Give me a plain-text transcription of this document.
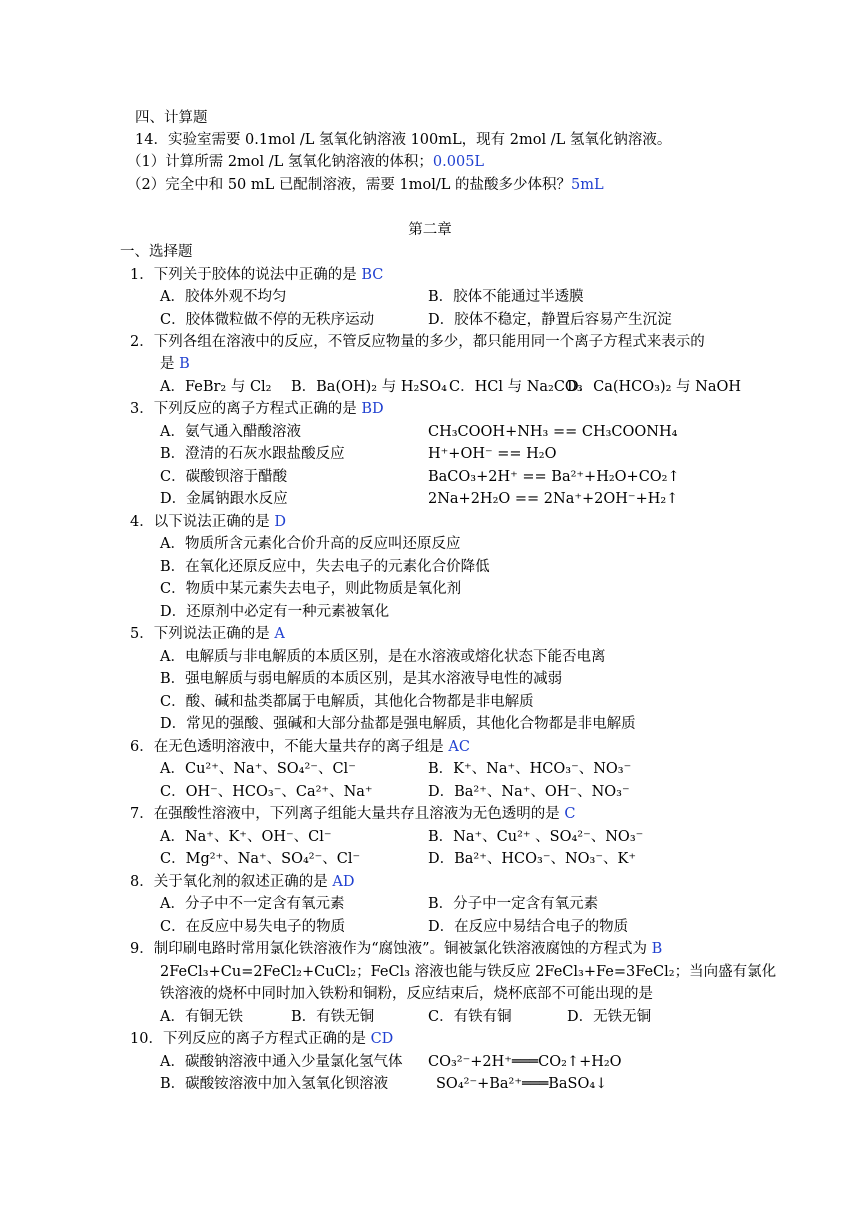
四、计算题
14．实验室需要 0.1mol /L 氢氧化钠溶液 100mL，现有 2mol /L 氢氧化钠溶液。
（1）计算所需 2mol /L 氢氧化钠溶液的体积；0.005L
（2）完全中和 50 mL 已配制溶液，需要 1mol/L 的盐酸多少体积？5mL
第二章
一、选择题
1．下列关于胶体的说法中正确的是 BC
A．胶体外观不均匀	B．胶体不能通过半透膜
C．胶体微粒做不停的无秩序运动	D．胶体不稳定，静置后容易产生沉淀
2．下列各组在溶液中的反应，不管反应物量的多少，都只能用同一个离子方程式来表示的
是 B
A．FeBr₂ 与 Cl₂ B．Ba(OH)₂ 与 H₂SO₄ C．HCl 与 Na₂CO₃
D．Ca(HCO₃)₂ 与 NaOH
3．下列反应的离子方程式正确的是 BD
A．氨气通入醋酸溶液	CH₃COOH+NH₃ == CH₃COONH₄
B．澄清的石灰水跟盐酸反应	H⁺+OH⁻ == H₂O
C．碳酸钡溶于醋酸	BaCO₃+2H⁺ == Ba²⁺+H₂O+CO₂↑
D．金属钠跟水反应	2Na+2H₂O == 2Na⁺+2OH⁻+H₂↑
4．以下说法正确的是 D
A．物质所含元素化合价升高的反应叫还原反应
B．在氧化还原反应中，失去电子的元素化合价降低
C．物质中某元素失去电子，则此物质是氧化剂
D．还原剂中必定有一种元素被氧化
5．下列说法正确的是 A
A．电解质与非电解质的本质区别，是在水溶液或熔化状态下能否电离
B．强电解质与弱电解质的本质区别，是其水溶液导电性的减弱
C．酸、碱和盐类都属于电解质，其他化合物都是非电解质
D．常见的强酸、强碱和大部分盐都是强电解质，其他化合物都是非电解质
6．在无色透明溶液中，不能大量共存的离子组是 AC
A．Cu²⁺、Na⁺、SO₄²⁻、Cl⁻	B．K⁺、Na⁺、HCO₃⁻、NO₃⁻
C．OH⁻、HCO₃⁻、Ca²⁺、Na⁺	D．Ba²⁺、Na⁺、OH⁻、NO₃⁻
7．在强酸性溶液中，下列离子组能大量共存且溶液为无色透明的是 C
A．Na⁺、K⁺、OH⁻、Cl⁻	B．Na⁺、Cu²⁺ 、SO₄²⁻、NO₃⁻
C．Mg²⁺、Na⁺、SO₄²⁻、Cl⁻	D．Ba²⁺、HCO₃⁻、NO₃⁻、K⁺
8．关于氧化剂的叙述正确的是 AD
A．分子中不一定含有氧元素	B．分子中一定含有氧元素
C．在反应中易失电子的物质	D．在反应中易结合电子的物质
9．制印刷电路时常用氯化铁溶液作为“腐蚀液”。铜被氯化铁溶液腐蚀的方程式为 B
2FeCl₃+Cu=2FeCl₂+CuCl₂；FeCl₃ 溶液也能与铁反应 2FeCl₃+Fe=3FeCl₂；当向盛有氯化
铁溶液的烧杯中同时加入铁粉和铜粉，反应结束后，烧杯底部不可能出现的是
A．有铜无铁	B．有铁无铜	C．有铁有铜	D．无铁无铜
10．下列反应的离子方程式正确的是 CD
A．碳酸钠溶液中通入少量氯化氢气体 CO₃²⁻+2H⁺═══CO₂↑+H₂O
B．碳酸铵溶液中加入氢氧化钡溶液	SO₄²⁻+Ba²⁺═══BaSO₄↓
